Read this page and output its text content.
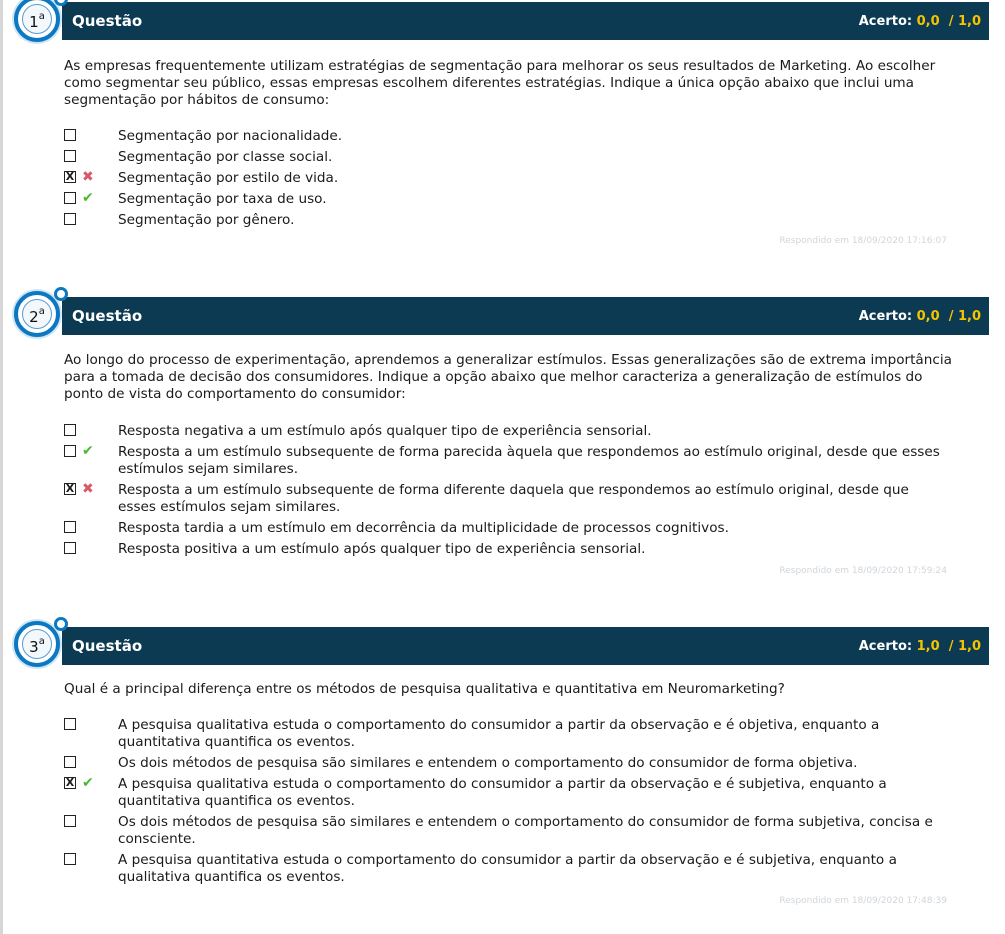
Questão	Acerto: 0,0  / 1,0
1$^a$
As empresas frequentemente utilizam estratégias de segmentação para melhorar os seus resultados de Marketing. Ao escolher como segmentar seu público, essas empresas escolhem diferentes estratégias. Indique a única opção abaixo que inclui uma segmentação por hábitos de consumo:
Segmentação por nacionalidade.
Segmentação por classe social.
X ✖ Segmentação por estilo de vida.
✔ Segmentação por taxa de uso.
Segmentação por gênero.
Respondido em 18/09/2020 17:16:07
Questão	Acerto: 0,0  / 1,0
2$^a$
Ao longo do processo de experimentação, aprendemos a generalizar estímulos. Essas generalizações são de extrema importância para a tomada de decisão dos consumidores. Indique a opção abaixo que melhor caracteriza a generalização de estímulos do ponto de vista do comportamento do consumidor:
Resposta negativa a um estímulo após qualquer tipo de experiência sensorial.
✔ Resposta a um estímulo subsequente de forma parecida àquela que respondemos ao estímulo original, desde que esses estímulos sejam similares.
X ✖ Resposta a um estímulo subsequente de forma diferente daquela que respondemos ao estímulo original, desde que esses estímulos sejam similares.
Resposta tardia a um estímulo em decorrência da multiplicidade de processos cognitivos.
Resposta positiva a um estímulo após qualquer tipo de experiência sensorial.
Respondido em 18/09/2020 17:59:24
Questão	Acerto: 1,0  / 1,0
3$^a$
Qual é a principal diferença entre os métodos de pesquisa qualitativa e quantitativa em Neuromarketing?
A pesquisa qualitativa estuda o comportamento do consumidor a partir da observação e é objetiva, enquanto a quantitativa quantifica os eventos.
Os dois métodos de pesquisa são similares e entendem o comportamento do consumidor de forma objetiva.
X ✔ A pesquisa qualitativa estuda o comportamento do consumidor a partir da observação e é subjetiva, enquanto a quantitativa quantifica os eventos.
Os dois métodos de pesquisa são similares e entendem o comportamento do consumidor de forma subjetiva, concisa e consciente.
A pesquisa quantitativa estuda o comportamento do consumidor a partir da observação e é subjetiva, enquanto a qualitativa quantifica os eventos.
Respondido em 18/09/2020 17:48:39
